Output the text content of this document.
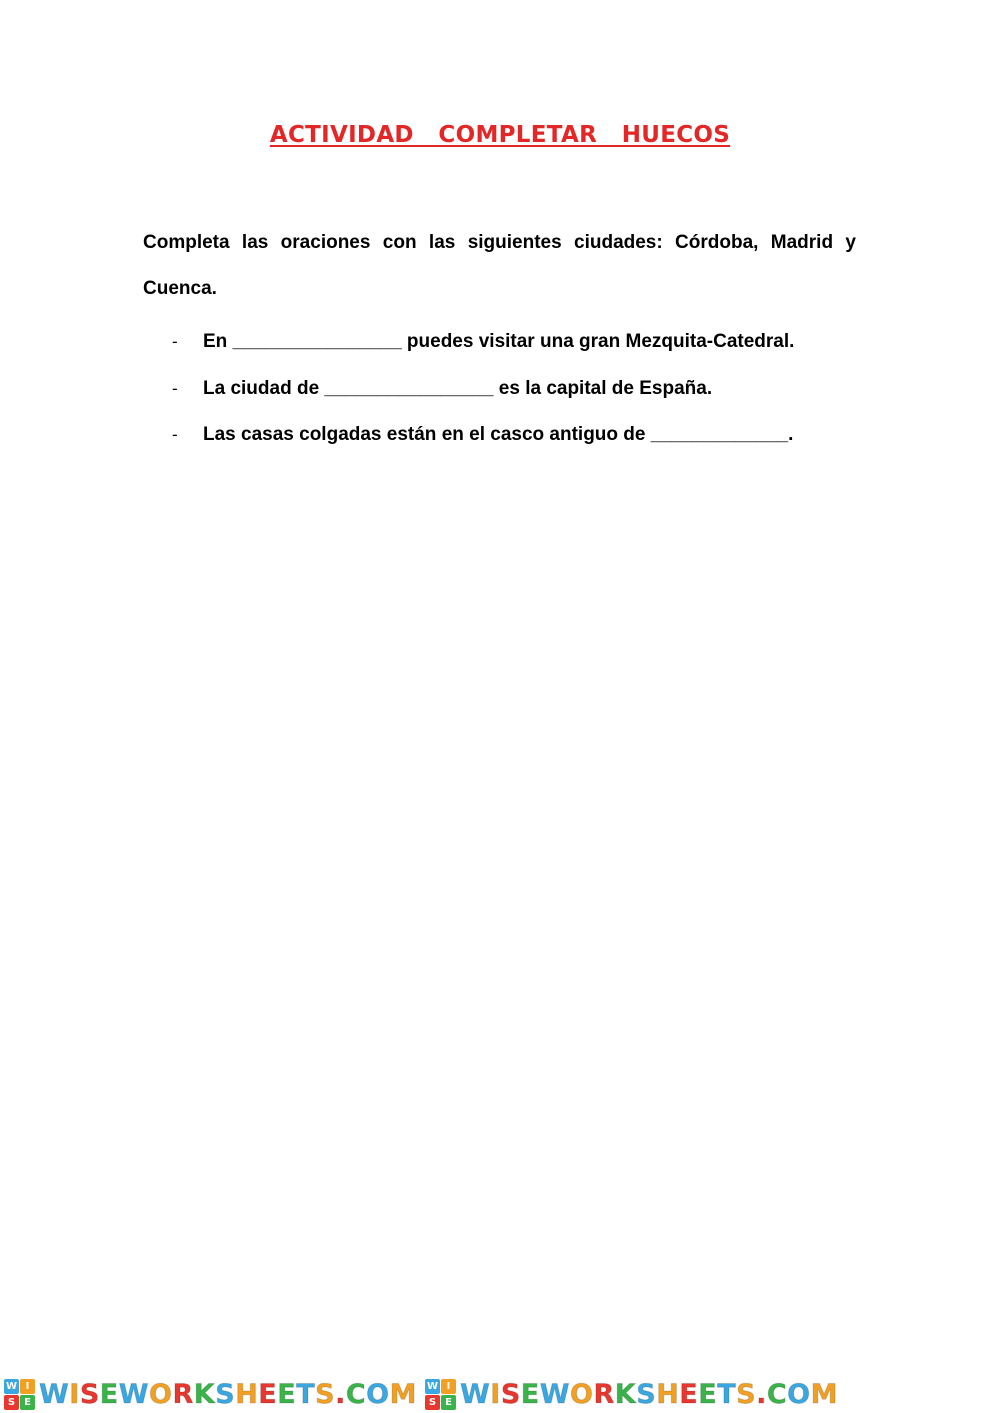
ACTIVIDAD  COMPLETAR  HUECOS
Completa las oraciones con las siguientes ciudades: Córdoba, Madrid y Cuenca.
- En ________________ puedes visitar una gran Mezquita-Catedral.
- La ciudad de ________________ es la capital de España.
- Las casas colgadas están en el casco antiguo de _____________.
W I
S E W I S E W O R K S H E E T S . C O M W I
S E W I S E W O R K S H E E T S . C O M
